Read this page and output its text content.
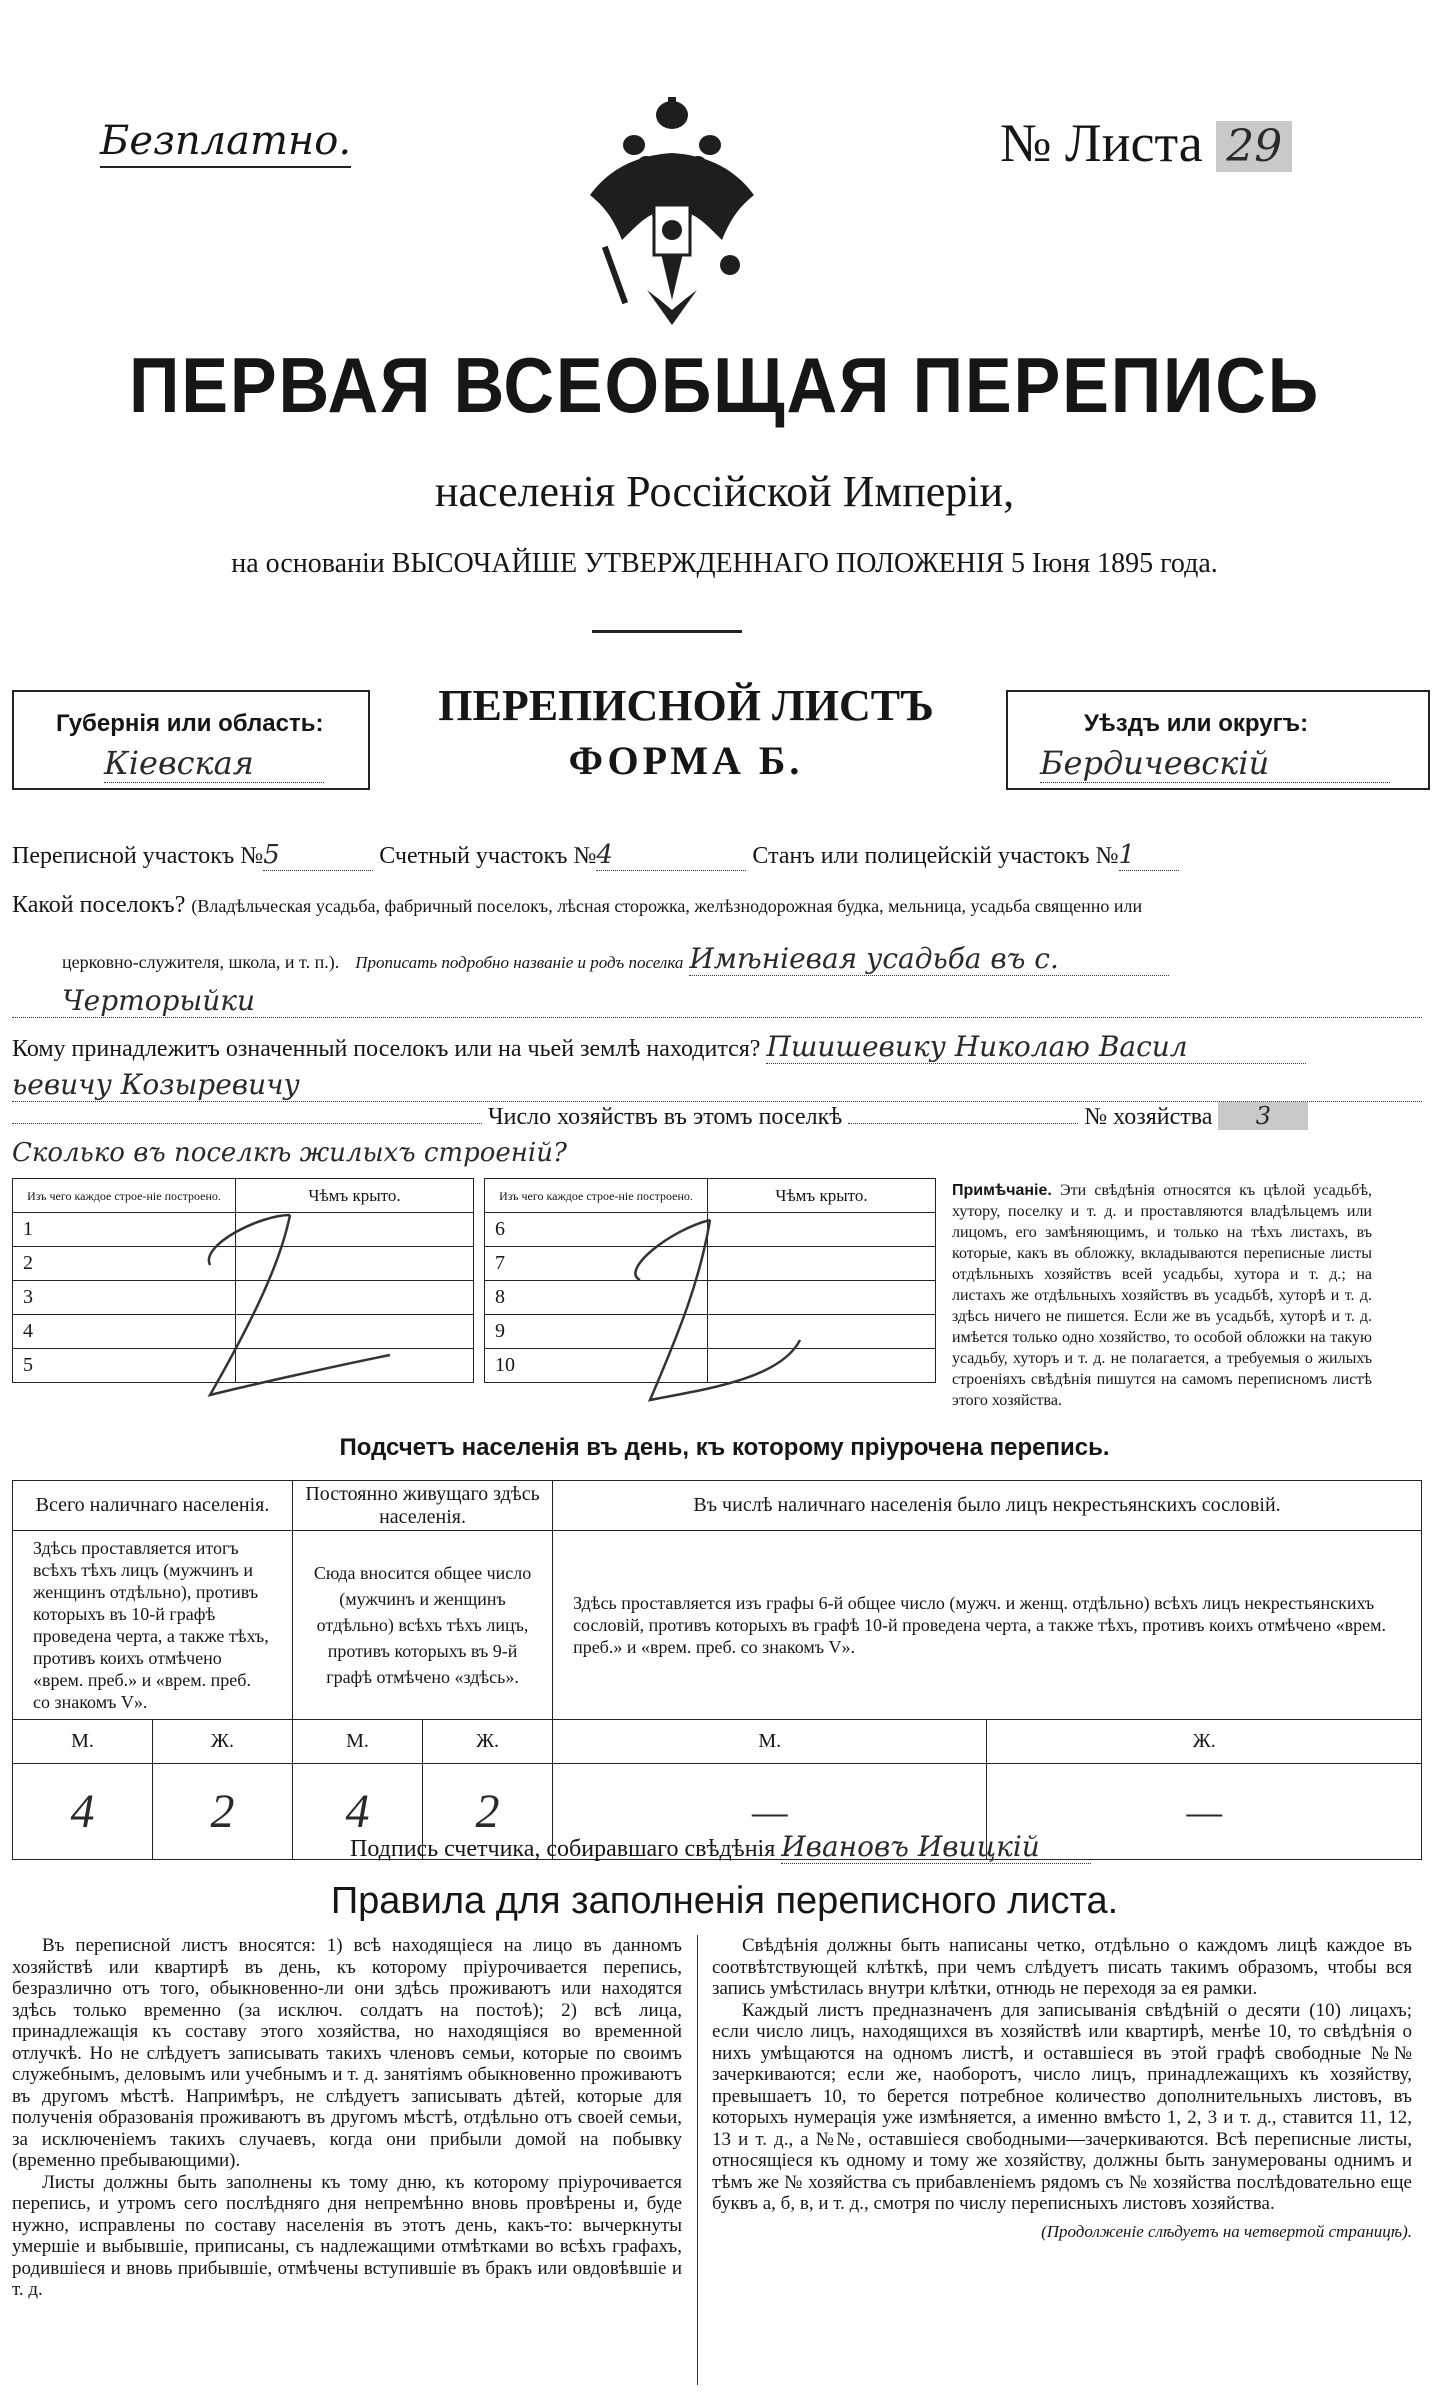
Безплатно.	№ Листа 29
ПЕРВАЯ ВСЕОБЩАЯ ПЕРЕПИСЬ
населенія Россійской Имперіи,
на основаніи ВЫСОЧАЙШЕ УТВЕРЖДЕННАГО ПОЛОЖЕНІЯ 5 Іюня 1895 года.
Губернія или область:
Кіевская
ПЕРЕПИСНОЙ ЛИСТЪ
ФОРМА Б.
Уѣздъ или округъ:
Бердичевскій
Переписной участокъ №5	Счетный участокъ №4	Станъ или полицейскій участокъ №1
Какой поселокъ? (Владѣльческая усадьба, фабричный поселокъ, лѣсная сторожка, желѣзнодорожная будка, мельница, усадьба священно или
церковно-служителя, школа, и т. п.). Прописать подробно названіе и родъ поселка Имѣніевая усадьба въ с.
Черторыйки
Кому принадлежитъ означенный поселокъ или на чьей землѣ находится? Пшишевику Николаю Васил
ьевичу Козыревичу
Число хозяйствъ въ этомъ поселкѣ	№ хозяйства 3
Сколько въ поселкѣ жилыхъ строеній?
Изъ чего каждое строе-ніе построено.	Чѣмъ крыто.
1	
2	
3	
4	
5	
Изъ чего каждое строе-ніе построено.	Чѣмъ крыто.
6	
7	
8	
9	
10	
Примѣчаніе. Эти свѣдѣнія относятся къ цѣлой усадьбѣ, хутору, поселку и т. д. и проставляются владѣльцемъ или лицомъ, его замѣняющимъ, и только на тѣхъ листахъ, въ которые, какъ въ обложку, вкладываются переписные листы отдѣльныхъ хозяйствъ всей усадьбы, хутора и т. д.; на листахъ же отдѣльныхъ хозяйствъ въ усадьбѣ, хуторѣ и т. д. здѣсь ничего не пишется. Если же въ усадьбѣ, хуторѣ и т. д. имѣется только одно хозяйство, то особой обложки на такую усадьбу, хуторъ и т. д. не полагается, а требуемыя о жилыхъ строеніяхъ свѣдѣнія пишутся на самомъ переписномъ листѣ этого хозяйства.
Подсчетъ населенія въ день, къ которому пріурочена перепись.
Всего наличнаго населенія.		Постоянно живущаго здѣсь населенія.		Въ числѣ наличнаго населенія было лицъ некрестьянскихъ сословій.	
Здѣсь проставляется итогъ всѣхъ тѣхъ лицъ (мужчинъ и женщинъ отдѣльно), противъ которыхъ въ 10-й графѣ проведена черта, а также тѣхъ, противъ коихъ отмѣчено «врем. преб.» и «врем. преб. со знакомъ V».		Сюда вносится общее число (мужчинъ и женщинъ отдѣльно) всѣхъ тѣхъ лицъ, противъ которыхъ въ 9-й графѣ отмѣчено «здѣсь».		Здѣсь проставляется изъ графы 6-й общее число (мужч. и женщ. отдѣльно) всѣхъ лицъ некрестьянскихъ сословій, противъ которыхъ въ графѣ 10-й проведена черта, а также тѣхъ, противъ коихъ отмѣчено «врем. преб.» и «врем. преб. со знакомъ V».	
М.	Ж.	М.	Ж.	М.	Ж.
4	2	4	2	—	—
Подпись счетчика, собиравшаго свѣдѣнія Ивановъ Ивицкій
Правила для заполненія переписного листа.

Въ переписной листъ вносятся: 1) всѣ находящіеся на лицо въ данномъ хозяйствѣ или квартирѣ въ день, къ которому пріурочивается перепись, безразлично отъ того, обыкновенно-ли они здѣсь проживаютъ или находятся здѣсь только временно (за исключ. солдатъ на постоѣ); 2) всѣ лица, принадлежащія къ составу этого хозяйства, но находящіяся во временной отлучкѣ. Но не слѣдуетъ записывать такихъ членовъ семьи, которые по своимъ служебнымъ, деловымъ или учебнымъ и т. д. занятіямъ обыкновенно проживаютъ въ другомъ мѣстѣ. Напримѣръ, не слѣдуетъ записывать дѣтей, которые для полученія образованія проживаютъ въ другомъ мѣстѣ, отдѣльно отъ своей семьи, за исключеніемъ такихъ случаевъ, когда они прибыли домой на побывку (временно пребывающими).

Листы должны быть заполнены къ тому дню, къ которому пріурочивается перепись, и утромъ сего послѣдняго дня непремѣнно вновь провѣрены и, буде нужно, исправлены по составу населенія въ этотъ день, какъ-то: вычеркнуты умершіе и выбывшіе, приписаны, съ надлежащими отмѣтками во всѣхъ графахъ, родившіеся и вновь прибывшіе, отмѣчены вступившіе въ бракъ или овдовѣвшіе и т. д.

Свѣдѣнія должны быть написаны четко, отдѣльно о каждомъ лицѣ каждое въ соотвѣтствующей клѣткѣ, при чемъ слѣдуетъ писать такимъ образомъ, чтобы вся запись умѣстилась внутри клѣтки, отнюдь не переходя за ея рамки.

Каждый листъ предназначенъ для записыванія свѣдѣній о десяти (10) лицахъ; если число лицъ, находящихся въ хозяйствѣ или квартирѣ, менѣе 10, то свѣдѣнія о нихъ умѣщаются на одномъ листѣ, и оставшіеся въ этой графѣ свободные №№ зачеркиваются; если же, наоборотъ, число лицъ, принадлежащихъ къ хозяйству, превышаетъ 10, то берется потребное количество дополнительныхъ листовъ, въ которыхъ нумерація уже измѣняется, а именно вмѣсто 1, 2, 3 и т. д., ставится 11, 12, 13 и т. д., а №№, оставшіеся свободными—зачеркиваются. Всѣ переписные листы, относящіеся къ одному и тому же хозяйству, должны быть занумерованы однимъ и тѣмъ же № хозяйства съ прибавленіемъ рядомъ съ № хозяйства послѣдовательно еще буквъ а, б, в, и т. д., смотря по числу переписныхъ листовъ хозяйства.

(Продолженіе слѣдуетъ на четвертой страницѣ).
